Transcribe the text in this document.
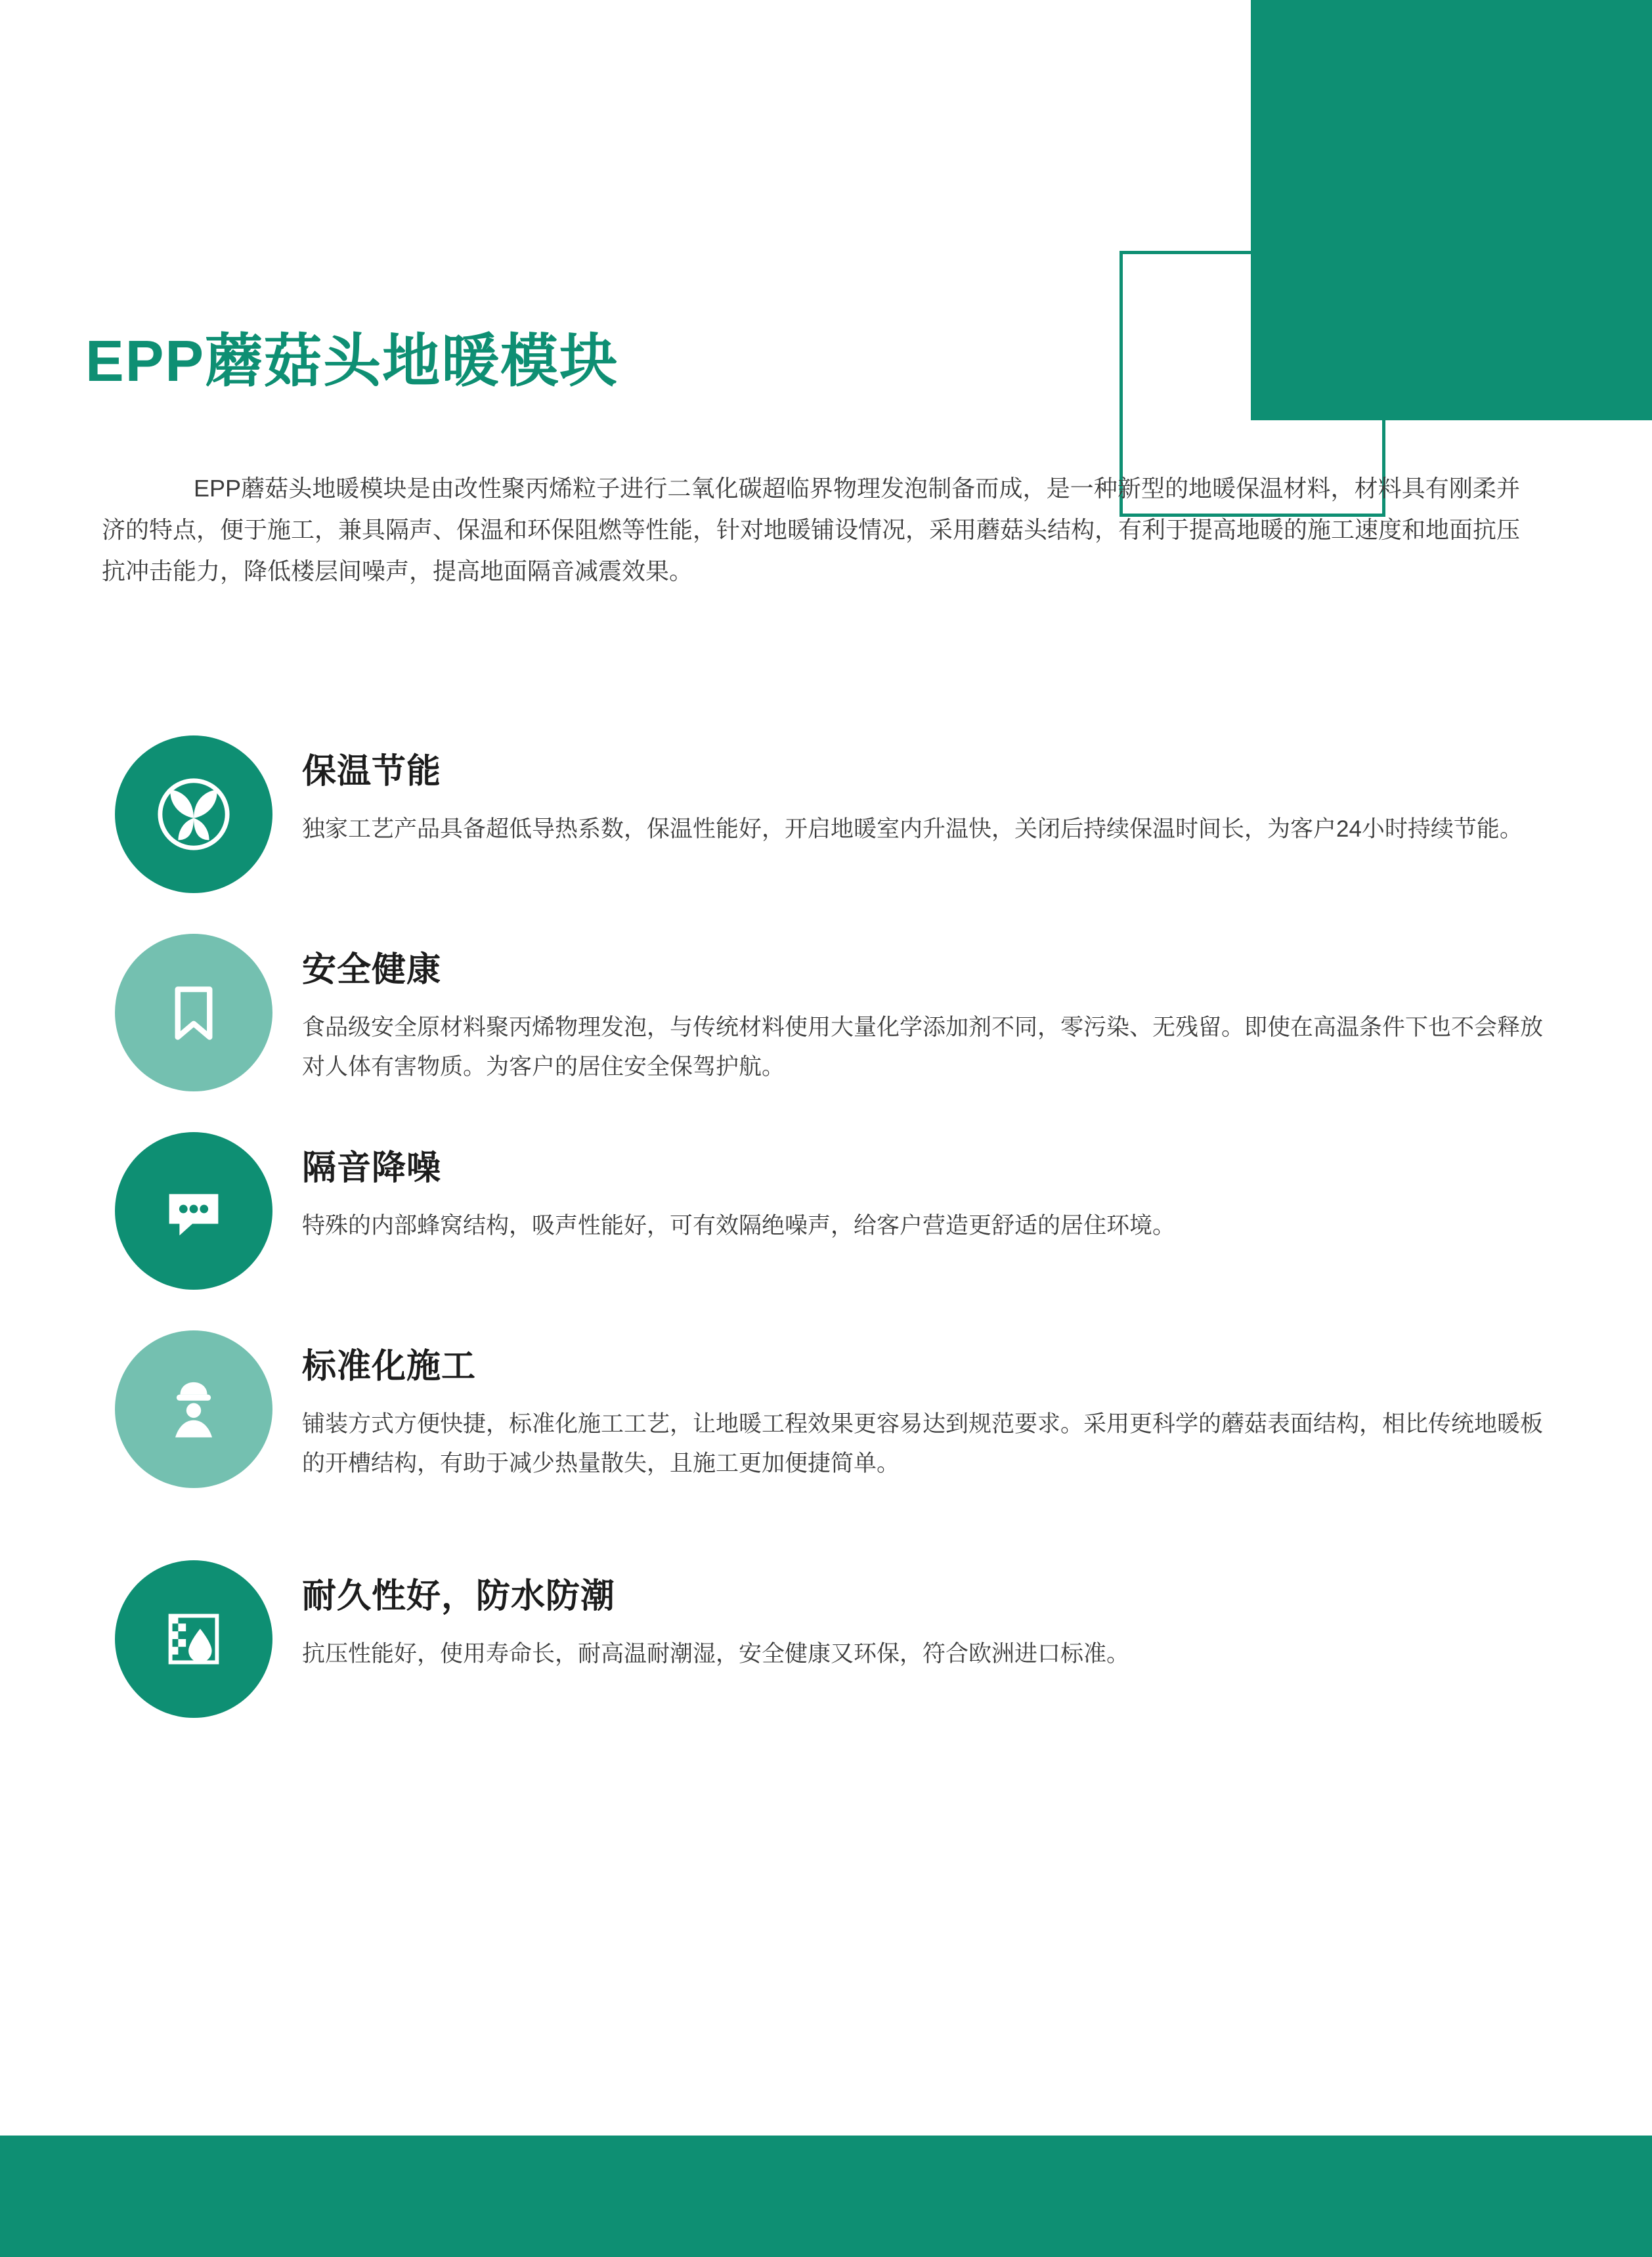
EPP蘑菇头地暖模块
EPP蘑菇头地暖模块是由改性聚丙烯粒子进行二氧化碳超临界物理发泡制备而成，是一种新型的地暖保温材料，材料具有刚柔并济的特点，便于施工，兼具隔声、保温和环保阻燃等性能，针对地暖铺设情况，采用蘑菇头结构，有利于提高地暖的施工速度和地面抗压抗冲击能力，降低楼层间噪声，提高地面隔音减震效果。
保温节能
独家工艺产品具备超低导热系数，保温性能好，开启地暖室内升温快，关闭后持续保温时间长，为客户24小时持续节能。
安全健康
食品级安全原材料聚丙烯物理发泡，与传统材料使用大量化学添加剂不同，零污染、无残留。即使在高温条件下也不会释放对人体有害物质。为客户的居住安全保驾护航。
隔音降噪
特殊的内部蜂窝结构，吸声性能好，可有效隔绝噪声，给客户营造更舒适的居住环境。
标准化施工
铺装方式方便快捷，标准化施工工艺，让地暖工程效果更容易达到规范要求。采用更科学的蘑菇表面结构，相比传统地暖板的开槽结构，有助于减少热量散失，且施工更加便捷简单。
耐久性好，防水防潮
抗压性能好，使用寿命长，耐高温耐潮湿，安全健康又环保，符合欧洲进口标准。
